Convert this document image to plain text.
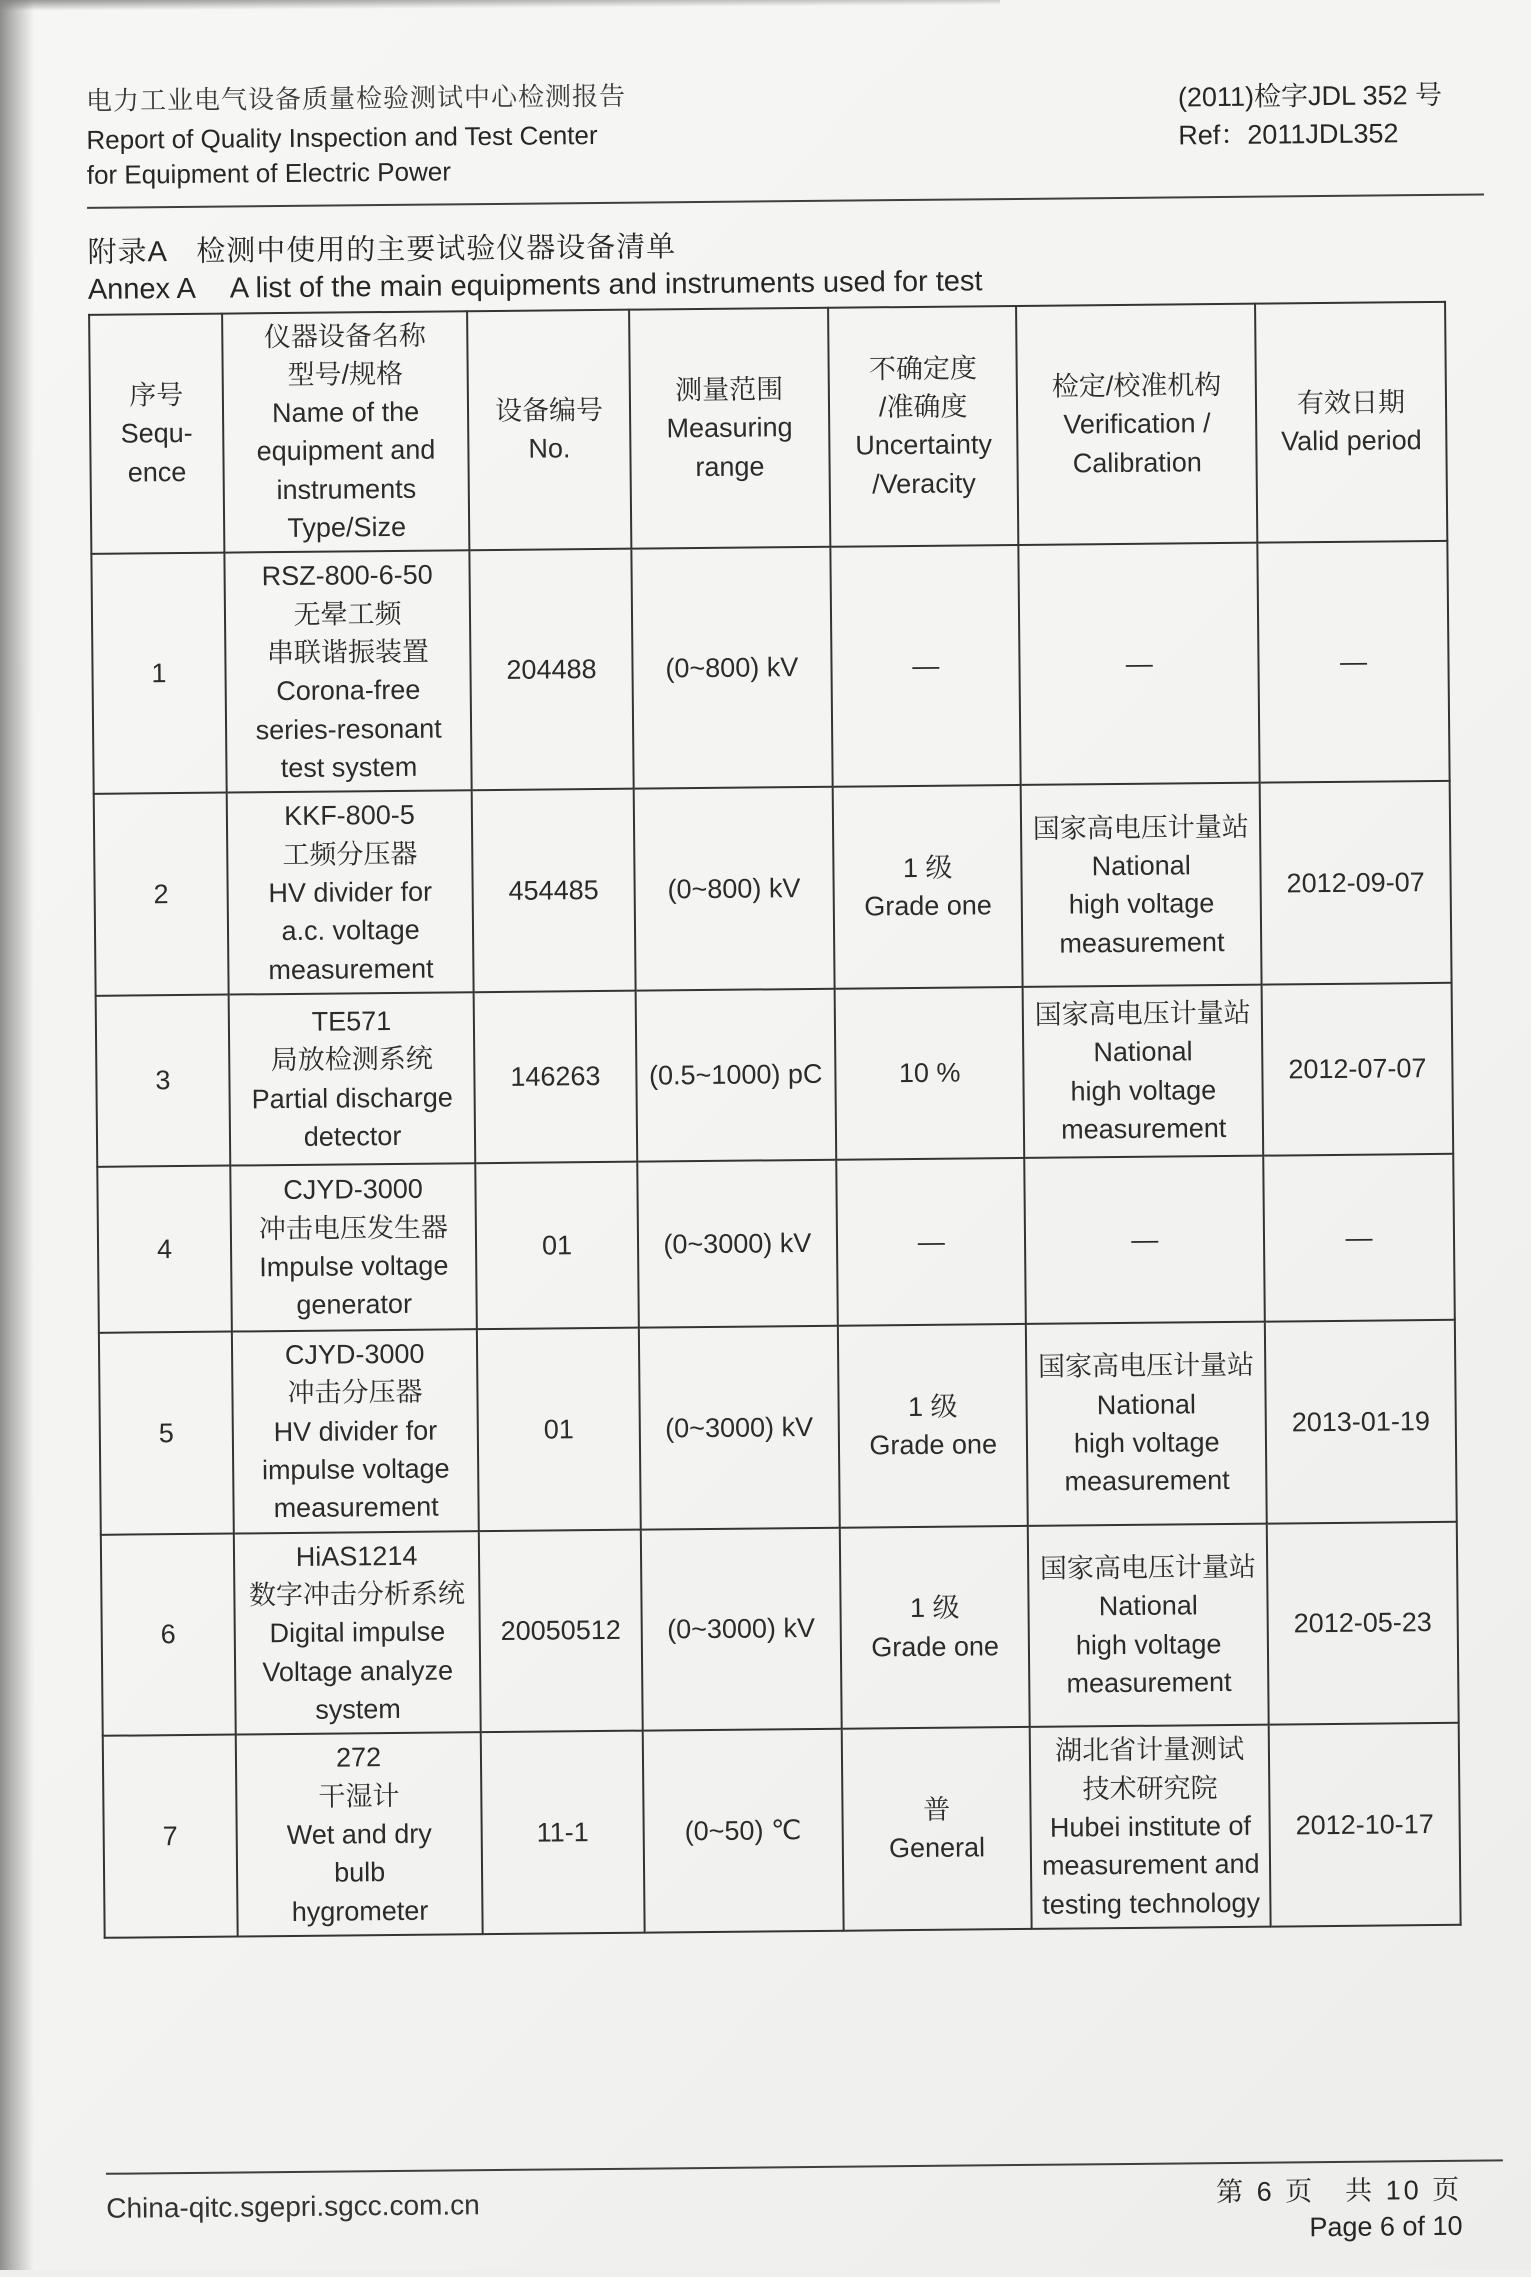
电力工业电气设备质量检验测试中心检测报告
Report of Quality Inspection and Test Center
for Equipment of Electric Power
(2011)检字JDL 352 号
Ref：2011JDL352
附录A　检测中使用的主要试验仪器设备清单
Annex A　 A list of the main equipments and instruments used for test
序号
Sequ-
ence	仪器设备名称
型号/规格
Name of the
equipment and
instruments
Type/Size	设备编号
No.	测量范围
Measuring
range	不确定度
/准确度
Uncertainty
/Veracity	检定/校准机构
Verification /
Calibration	有效日期
Valid period
1	RSZ-800-6-50
无晕工频
串联谐振装置
Corona-free
series-resonant
test system	204488	(0~800) kV	—	—	—
2	KKF-800-5
工频分压器
HV divider for
a.c. voltage
measurement	454485	(0~800) kV	1 级
Grade one	国家高电压计量站
National
high voltage
measurement	2012-09-07
3	TE571
局放检测系统
Partial discharge
detector	146263	(0.5~1000) pC	10 %	国家高电压计量站
National
high voltage
measurement	2012-07-07
4	CJYD-3000
冲击电压发生器
Impulse voltage
generator	01	(0~3000) kV	—	—	—
5	CJYD-3000
冲击分压器
HV divider for
impulse voltage
measurement	01	(0~3000) kV	1 级
Grade one	国家高电压计量站
National
high voltage
measurement	2013-01-19
6	HiAS1214
数字冲击分析系统
Digital impulse
Voltage analyze
system	20050512	(0~3000) kV	1 级
Grade one	国家高电压计量站
National
high voltage
measurement	2012-05-23
7	272
干湿计
Wet and dry
bulb
hygrometer	11-1	(0~50) ℃	普
General	湖北省计量测试
技术研究院
Hubei institute of
measurement and
testing technology	2012-10-17
China-qitc.sgepri.sgcc.com.cn	第 6 页　共 10 页
Page 6 of 10
